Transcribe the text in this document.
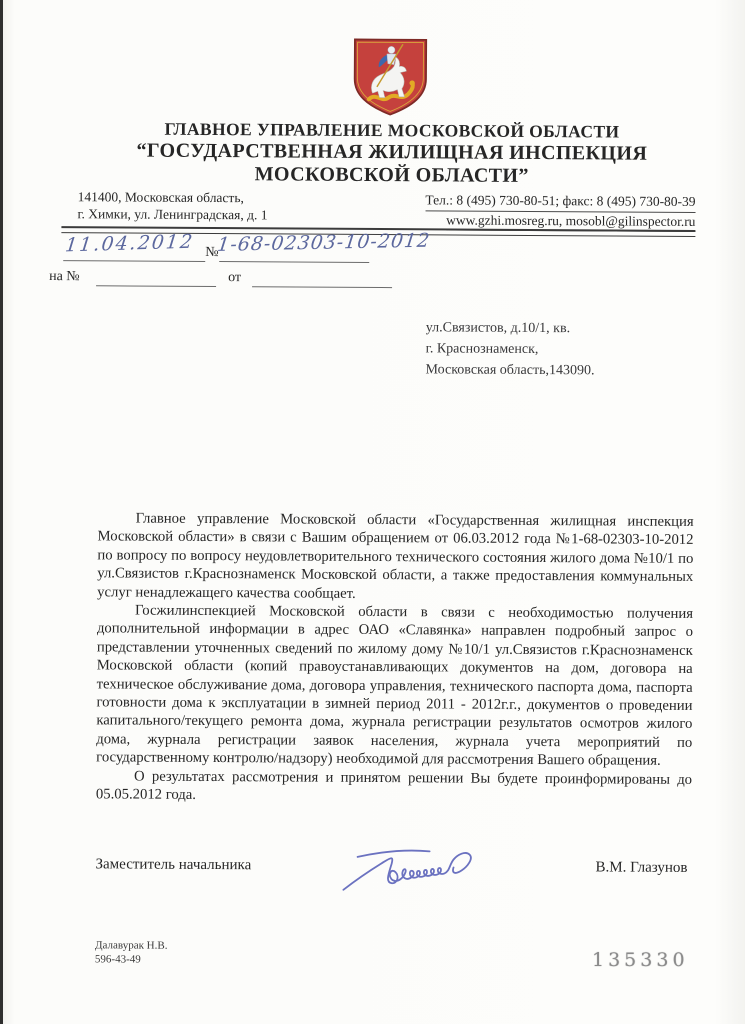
ГЛАВНОЕ УПРАВЛЕНИЕ МОСКОВСКОЙ ОБЛАСТИ
“ГОСУДАРСТВЕННАЯ ЖИЛИЩНАЯ ИНСПЕКЦИЯ
МОСКОВСКОЙ ОБЛАСТИ”
141400, Московская область,
г. Химки, ул. Ленинградская, д. 1
Тел.: 8 (495) 730-80-51; факс: 8 (495) 730-80-39
www.gzhi.mosreg.ru, mosobl@gilinspector.ru
11.04.2012 №
1-68-02303-10-2012
на №	от
ул.Связистов, д.10/1, кв.
г. Краснознаменск,
Московская область,143090.

Главное управление Московской области «Государственная жилищная инспекция Московской области» в связи с Вашим обращением от 06.03.2012 года №1-68-02303-10-2012 по вопросу по вопросу неудовлетворительного технического состояния жилого дома №10/1 по ул.Связистов г.Краснознаменск Московской области, а также предоставления коммунальных услуг ненадлежащего качества сообщает.

Госжилинспекцией Московской области в связи с необходимостью получения дополнительной информации в адрес ОАО «Славянка» направлен подробный запрос о представлении уточненных сведений по жилому дому №10/1 ул.Связистов г.Краснознаменск Московской области (копий правоустанавливающих документов на дом, договора на техническое обслуживание дома, договора управления, технического паспорта дома, паспорта готовности дома к эксплуатации в зимней период 2011 - 2012г.г., документов о проведении капитального/текущего ремонта дома, журнала регистрации результатов осмотров жилого дома, журнала регистрации заявок населения, журнала учета мероприятий по государственному контролю/надзору) необходимой для рассмотрения Вашего обращения.

О результатах рассмотрения и принятом решении Вы будете проинформированы до 05.05.2012 года.

Заместитель начальника	В.М. Глазунов
Далавурак Н.В.
596-43-49	135330
